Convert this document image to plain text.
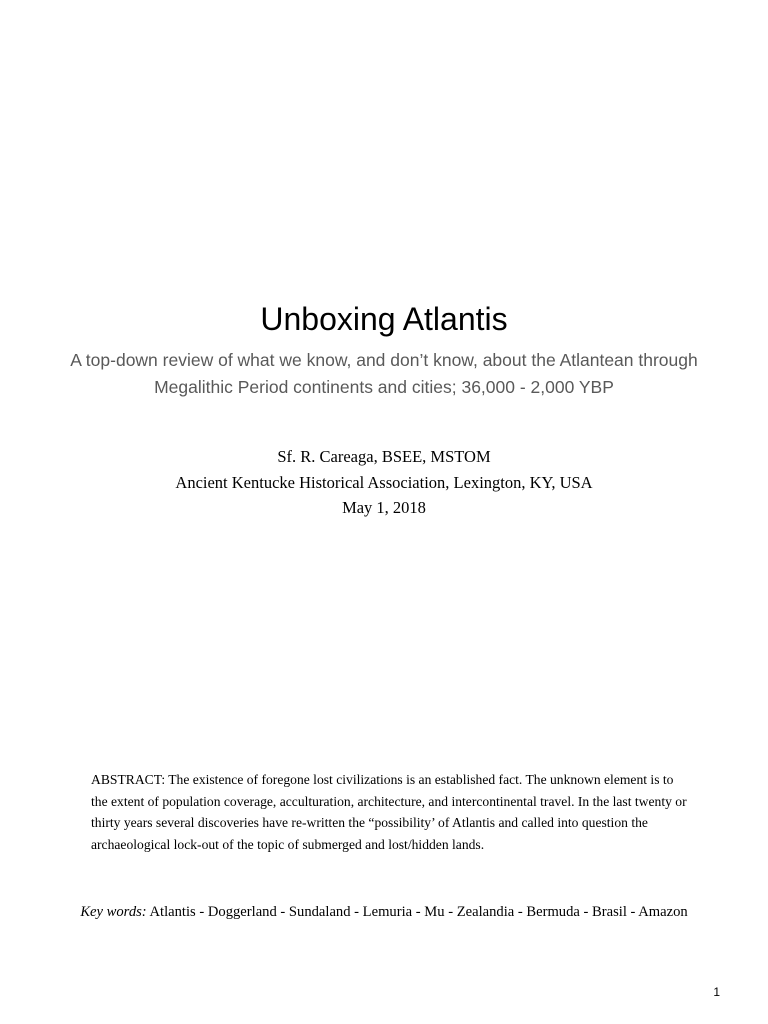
Unboxing Atlantis
A top-down review of what we know, and don’t know, about the Atlantean through Megalithic Period continents and cities; 36,000 - 2,000 YBP
Sf. R. Careaga, BSEE, MSTOM
Ancient Kentucke Historical Association, Lexington, KY, USA
May 1, 2018
ABSTRACT: The existence of foregone lost civilizations is an established fact. The unknown element is to the extent of population coverage, acculturation, architecture, and intercontinental travel. In the last twenty or thirty years several discoveries have re-written the “possibility’ of Atlantis and called into question the archaeological lock-out of the topic of submerged and lost/hidden lands.
Key words: Atlantis - Doggerland - Sundaland - Lemuria - Mu - Zealandia - Bermuda - Brasil - Amazon
1
